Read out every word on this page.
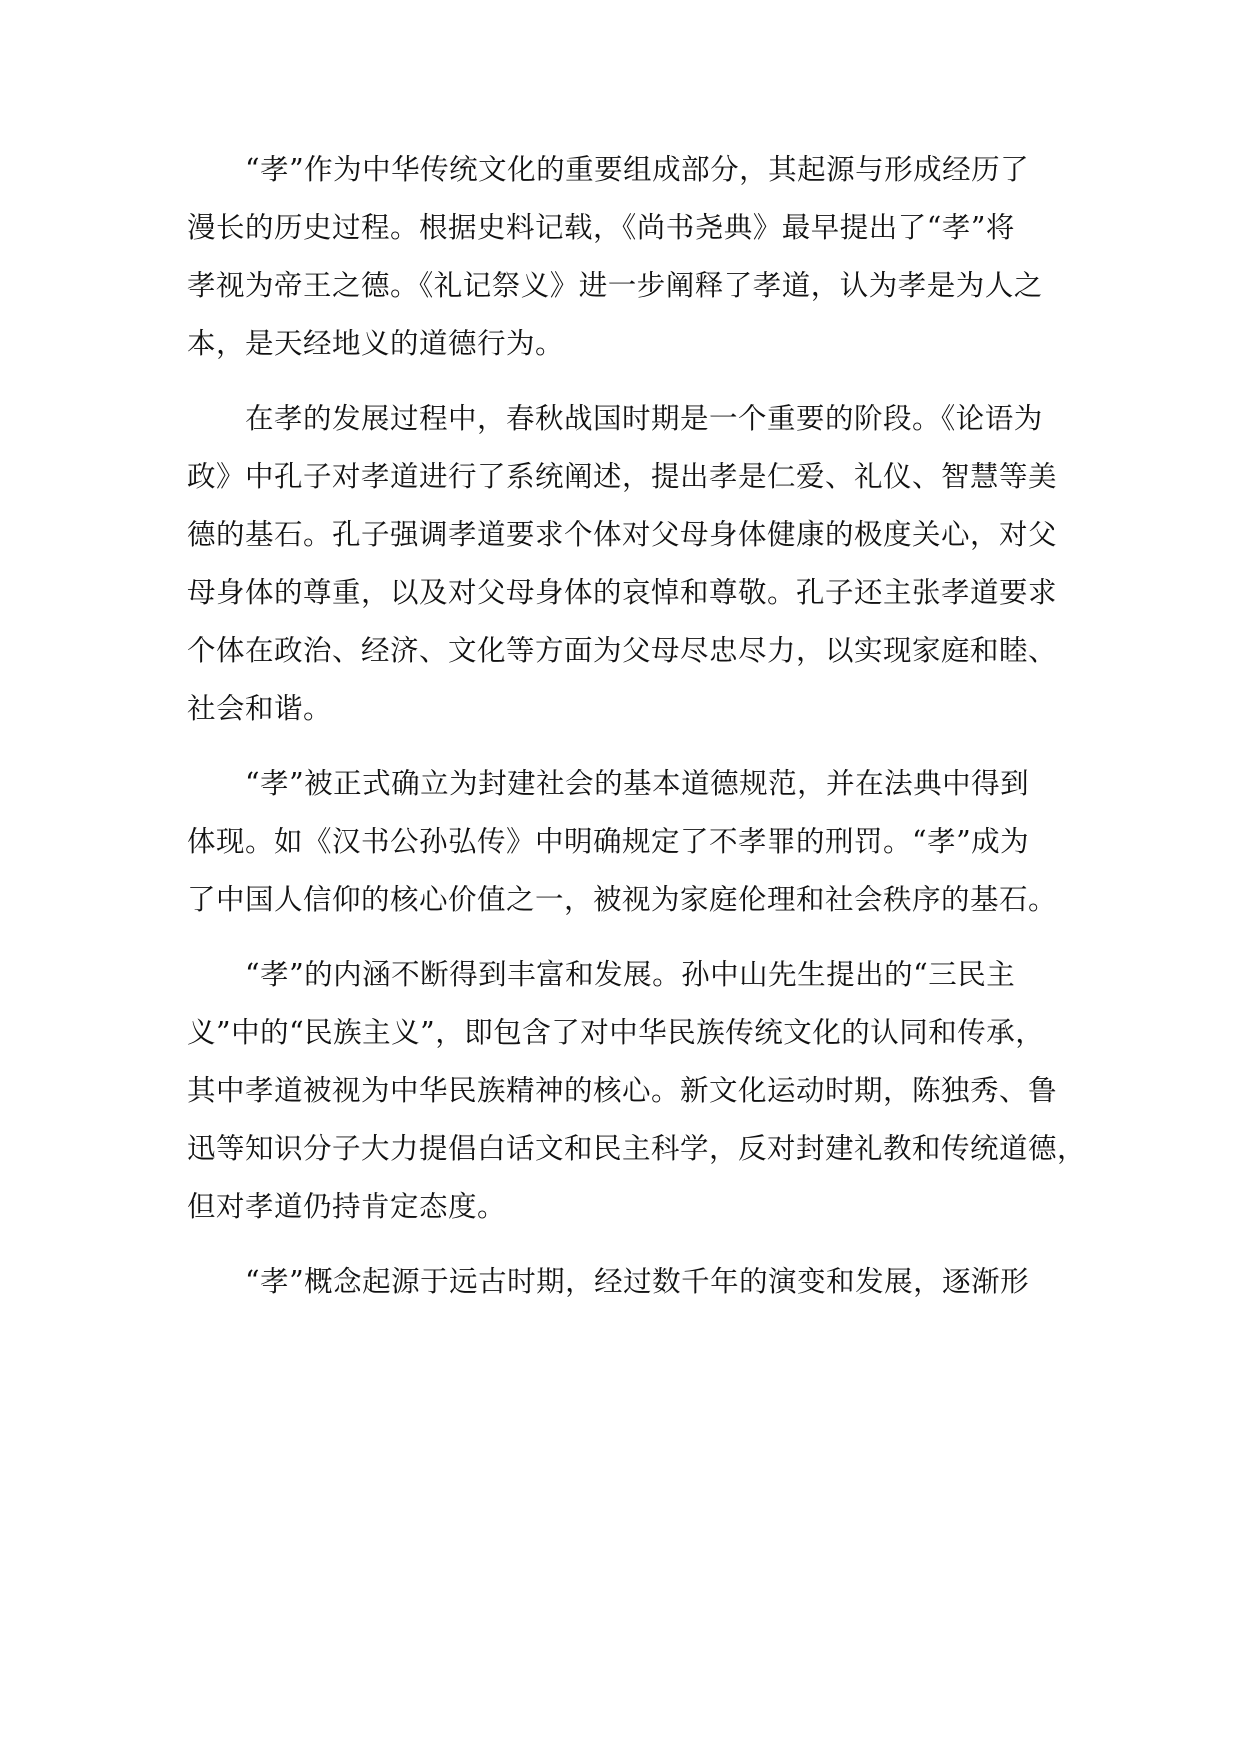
“孝”作为中华传统文化的重要组成部分，其起源与形成经历了
漫长的历史过程。根据史料记载，《尚书尧典》最早提出了“孝”将
孝视为帝王之德。《礼记祭义》进一步阐释了孝道，认为孝是为人之
本，是天经地义的道德行为。

在孝的发展过程中，春秋战国时期是一个重要的阶段。《论语为
政》中孔子对孝道进行了系统阐述，提出孝是仁爱、礼仪、智慧等美
德的基石。孔子强调孝道要求个体对父母身体健康的极度关心，对父
母身体的尊重，以及对父母身体的哀悼和尊敬。孔子还主张孝道要求
个体在政治、经济、文化等方面为父母尽忠尽力，以实现家庭和睦、
社会和谐。

“孝”被正式确立为封建社会的基本道德规范，并在法典中得到
体现。如《汉书公孙弘传》中明确规定了不孝罪的刑罚。“孝”成为
了中国人信仰的核心价值之一，被视为家庭伦理和社会秩序的基石。

“孝”的内涵不断得到丰富和发展。孙中山先生提出的“三民主
义”中的“民族主义”，即包含了对中华民族传统文化的认同和传承，
其中孝道被视为中华民族精神的核心。新文化运动时期，陈独秀、鲁
迅等知识分子大力提倡白话文和民主科学，反对封建礼教和传统道德，
但对孝道仍持肯定态度。

“孝”概念起源于远古时期，经过数千年的演变和发展，逐渐形
